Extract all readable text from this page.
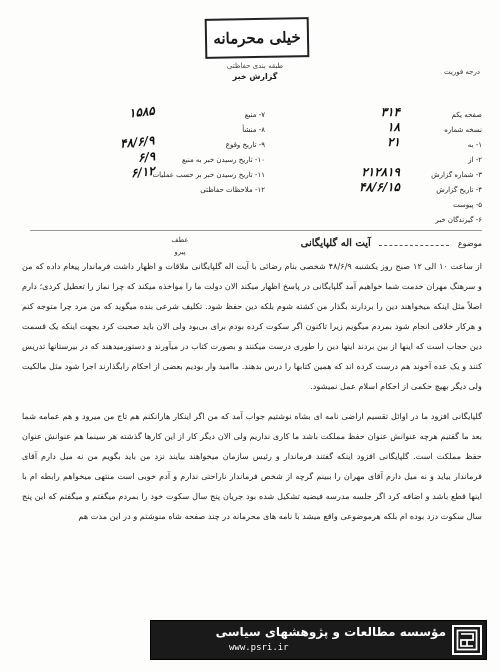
خیلی محرمانه
طبقه بندی حفاظتی
گزارش خبر	درجه فوریت
صفحه یکم
۳۱۴
نسخه شماره
۱۸
۱- به
۲۱
۲- از
۳- شماره گزارش
۲۱۲۸۱۹
۴- تاریخ گزارش
۴۸/۶/۱۵
۵- پیوست
۶- گیرندگان خبر
۷- منبع
۱۵۸۵
۸- منشأ
۹- تاریخ وقوع
۴۸/۶/۹
۱۰- تاریخ رسیدن خبر به منبع
۶/۹
۱۱- تاریخ رسیدن خبر بر حسب عملیات
۶/۱۲
۱۲- ملاحظات حفاظتی
عطف
پیرو
موضوع  آیت اله گلپایگانی

از ساعت ۱۰ الی ۱۲ صبح روز یکشنبه ۴۸/۶/۹ شخصی بنام رضائی با آیت اله گلپایگانی ملاقات و اظهار داشت فرماندار پیغام داده که من و سرهنگ مهران خدمت شما خواهیم آمد گلپایگانی در پاسخ اظهار میکند الان دولت ما را مواخذه میکند که چرا نماز را تعطیل کردی؛ دارم اصلاً مثل اینکه میخواهند دین را بردارند بگذار من کشته شوم بلکه دین حفظ شود. تکلیف شرعی بنده میگوید که من مرد چرا متوجه کنم و هرکار خلافی انجام شود بمردم میگویم زیرا تاکنون اگر سکوت کرده بودم برای بی‌بود ولی الان باید صحبت کرد بجهت اینکه یک قسمت دین حجاب است که اینها از بین بردند اینها دین را طوری درست میکنند و بصورت کتاب در میآورند و دستورمیدهند که در بیرستانها تدریس کنند و یک عده آخوند هم درست کرده اند که همین کتابها را درس بدهند. ماامید وار بودیم بعضی از احکام رابگذارند اجرا شود مثل مالکیت ولی دیگر بهیچ حکمی از احکام اسلام عمل نمیشود.

گلپایگانی افزود ما در اوائل تقسیم اراضی نامه ای بشاه نوشتیم جواب آمد که من اگر اینکار هارانکنم هم تاج من میرود و هم عمامه شما بعد ما گفتیم هرچه عنوانش عنوان حفظ مملکت باشد ما کاری نداریم ولی الان دیگر کار از این کارها گذشته هر سینما هم عنوانش عنوان حفظ مملکت است. گلپایگانی افزود اینکه گفتند فرماندار و رئیس سازمان میخواهند بیایند نزد من باید بگویم من نه میل دارم آقای فرماندار بیاید و نه میل دارم آقای مهران را ببینم گرچه از شخص فرماندار ناراحتی ندارم و آدم خوبی است منتهی میخواهم رابطه ام با اینها قطع باشد و اضافه کرد اگر جلسه مدرسه فیضیه تشکیل شده بود جریان پنج سال سکوت خود را بمردم میگفتم و میگفتم که این پنج سال سکوت دزد بوده ام بلکه هرموضوعی واقع میشد با نامه های محرمانه در چند صفحه شاه منوشتم و در این مدت هم

مؤسسه مطالعات و پژوهشهای سیاسی
www.psri.ir
